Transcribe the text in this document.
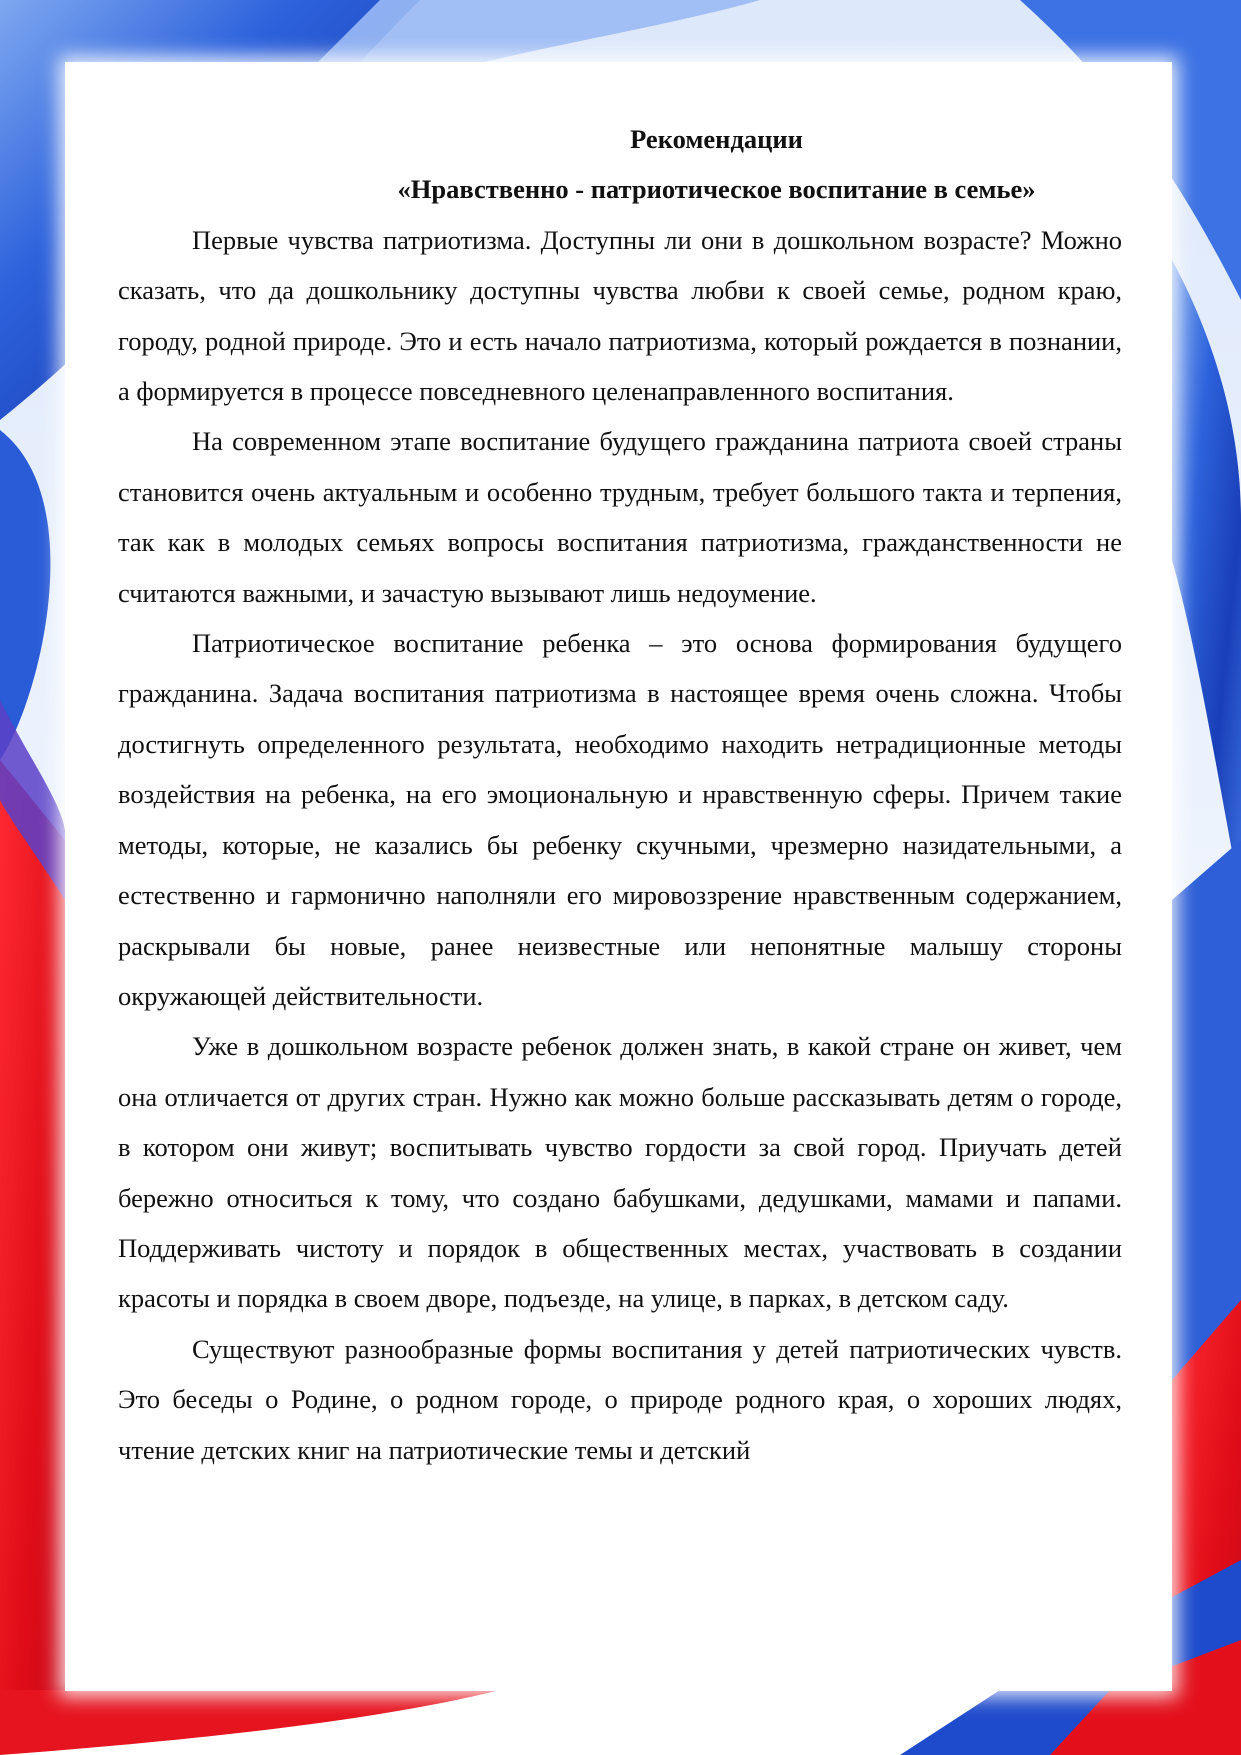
Рекомендации

«Нравственно - патриотическое воспитание в семье»

Первые чувства патриотизма. Доступны ли они в дошкольном возрасте? Можно сказать, что да дошкольнику доступны чувства любви к своей семье, родном краю, городу, родной природе. Это и есть начало патриотизма, который рождается в познании, а формируется в процессе повседневного целенаправленного воспитания.

На современном этапе воспитание будущего гражданина патриота своей страны становится очень актуальным и особенно трудным, требует большого такта и терпения, так как в молодых семьях вопросы воспитания патриотизма, гражданственности не считаются важными, и зачастую вызывают лишь недоумение.

Патриотическое воспитание ребенка – это основа формирования будущего гражданина. Задача воспитания патриотизма в настоящее время очень сложна. Чтобы достигнуть определенного результата, необходимо находить нетрадиционные методы воздействия на ребенка, на его эмоциональную и нравственную сферы. Причем такие методы, которые, не казались бы ребенку скучными, чрезмерно назидательными, а естественно и гармонично наполняли его мировоззрение нравственным содержанием, раскрывали бы новые, ранее неизвестные или непонятные малышу стороны окружающей действительности.

Уже в дошкольном возрасте ребенок должен знать, в какой стране он живет, чем она отличается от других стран. Нужно как можно больше рассказывать детям о городе, в котором они живут; воспитывать чувство гордости за свой город. Приучать детей бережно относиться к тому, что создано бабушками, дедушками, мамами и папами. Поддерживать чистоту и порядок в общественных местах, участвовать в создании красоты и порядка в своем дворе, подъезде, на улице, в парках, в детском саду.

Существуют разнообразные формы воспитания у детей патриотических чувств. Это беседы о Родине, о родном городе, о природе родного края, о хороших людях, чтение детских книг на патриотические темы и детский
